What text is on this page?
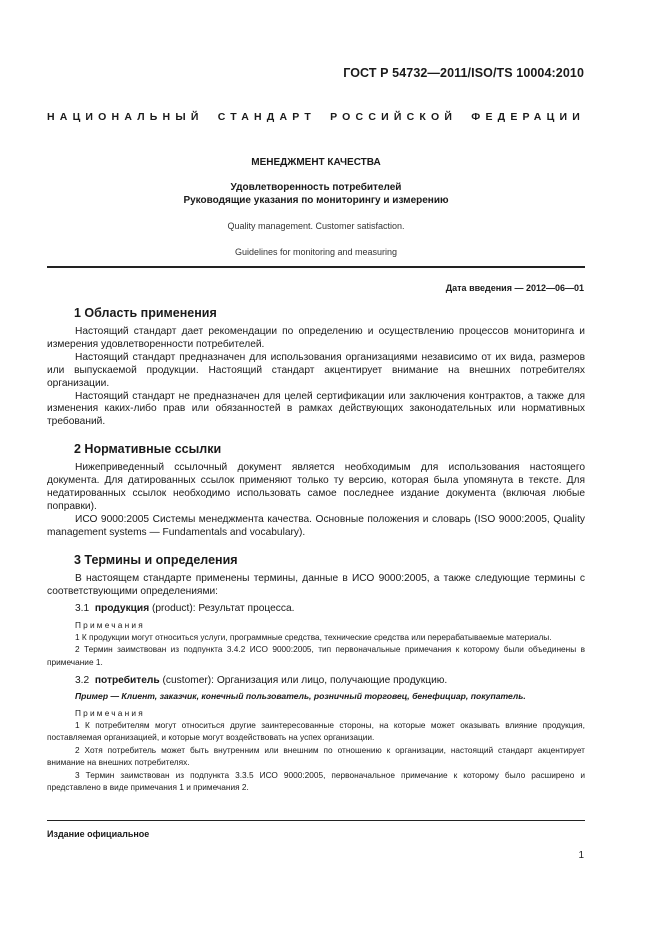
ГОСТ Р 54732—2011/ISO/TS 10004:2010
НАЦИОНАЛЬНЫЙ СТАНДАРТ РОССИЙСКОЙ ФЕДЕРАЦИИ
МЕНЕДЖМЕНТ КАЧЕСТВА
Удовлетворенность потребителей
Руководящие указания по мониторингу и измерению
Quality management. Customer satisfaction.
Guidelines for monitoring and measuring
Дата введения — 2012—06—01
1 Область применения

Настоящий стандарт дает рекомендации по определению и осуществлению процессов мониторинга и измерения удовлетворенности потребителей.

Настоящий стандарт предназначен для использования организациями независимо от их вида, размеров или выпускаемой продукции. Настоящий стандарт акцентирует внимание на внешних потребителях организации.

Настоящий стандарт не предназначен для целей сертификации или заключения контрактов, а также для изменения каких-либо прав или обязанностей в рамках действующих законодательных или нормативных требований.

2 Нормативные ссылки

Нижеприведенный ссылочный документ является необходимым для использования настоящего документа. Для датированных ссылок применяют только ту версию, которая была упомянута в тексте. Для недатированных ссылок необходимо использовать самое последнее издание документа (включая любые поправки).

ИСО 9000:2005 Системы менеджмента качества. Основные положения и словарь (ISO 9000:2005, Quality management systems — Fundamentals and vocabulary).

3 Термины и определения

В настоящем стандарте применены термины, данные в ИСО 9000:2005, а также следующие термины с соответствующими определениями:

3.1 продукция (product): Результат процесса.

Примечания

1 К продукции могут относиться услуги, программные средства, технические средства или перерабатываемые материалы.

2 Термин заимствован из подпункта 3.4.2 ИСО 9000:2005, тип первоначальные примечания к которому были объединены в примечание 1.

3.2 потребитель (customer): Организация или лицо, получающие продукцию.

Пример — Клиент, заказчик, конечный пользователь, розничный торговец, бенефициар, покупатель.

Примечания

1 К потребителям могут относиться другие заинтересованные стороны, на которые может оказывать влияние продукция, поставляемая организацией, и которые могут воздействовать на успех организации.

2 Хотя потребитель может быть внутренним или внешним по отношению к организации, настоящий стандарт акцентирует внимание на внешних потребителях.

3 Термин заимствован из подпункта 3.3.5 ИСО 9000:2005, первоначальное примечание к которому было расширено и представлено в виде примечания 1 и примечания 2.

Издание официальное
1
